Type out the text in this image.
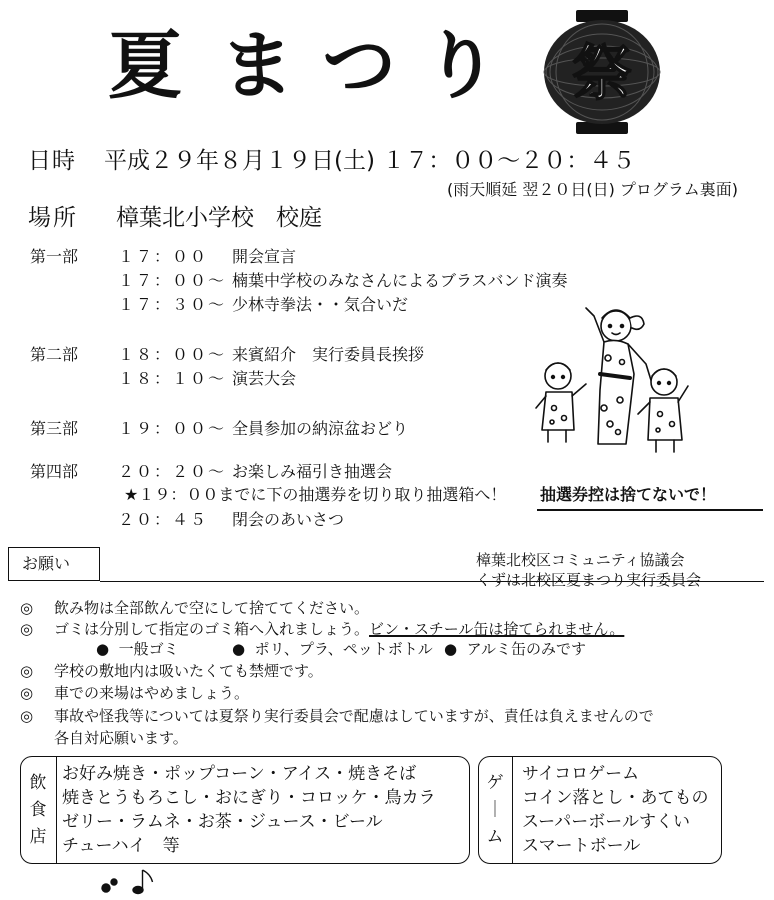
夏 ま つ り 祭
日時 平成２９年８月１９日(土) １７：００～２０：４５
(雨天順延 翌２０日(日) プログラム裏面)
場所 樟葉北小学校 校庭
第一部 １７：００ 開会宣言
１７：００～ 楠葉中学校のみなさんによるブラスバンド演奏
１７：３０～ 少林寺拳法・・気合いだ
第二部 １８：００～ 来賓紹介　実行委員長挨拶
１８：１０～ 演芸大会
第三部 １９：００～ 全員参加の納涼盆おどり
第四部 ２０：２０～ お楽しみ福引き抽選会
★１９：００までに下の抽選券を切り取り抽選箱へ！ 抽選券控は捨てないで！
２０：４５ 閉会のあいさつ
お願い	樟葉北校区コミュニティ協議会
くずは北校区夏まつり実行委員会
◎ 飲み物は全部飲んで空にして捨ててください。
◎ ゴミは分別して指定のゴミ箱へ入れましょう。ビン・スチール缶は捨てられません。
● 一般ゴミ	● ポリ、プラ、ペットボトル ● アルミ缶のみです
◎ 学校の敷地内は吸いたくても禁煙です。
◎ 車での来場はやめましょう。
◎ 事故や怪我等については夏祭り実行委員会で配慮はしていますが、責任は負えませんので
各自対応願います。
飲
食
店
お好み焼き・ポップコーン・アイス・焼きそば
焼きとうもろこし・おにぎり・コロッケ・鳥カラ
ゼリー・ラムネ・お茶・ジュース・ビール
チューハイ　等
ゲ
｜
ム
サイコロゲーム
コイン落とし・あてもの
スーパーボールすくい
スマートボール
